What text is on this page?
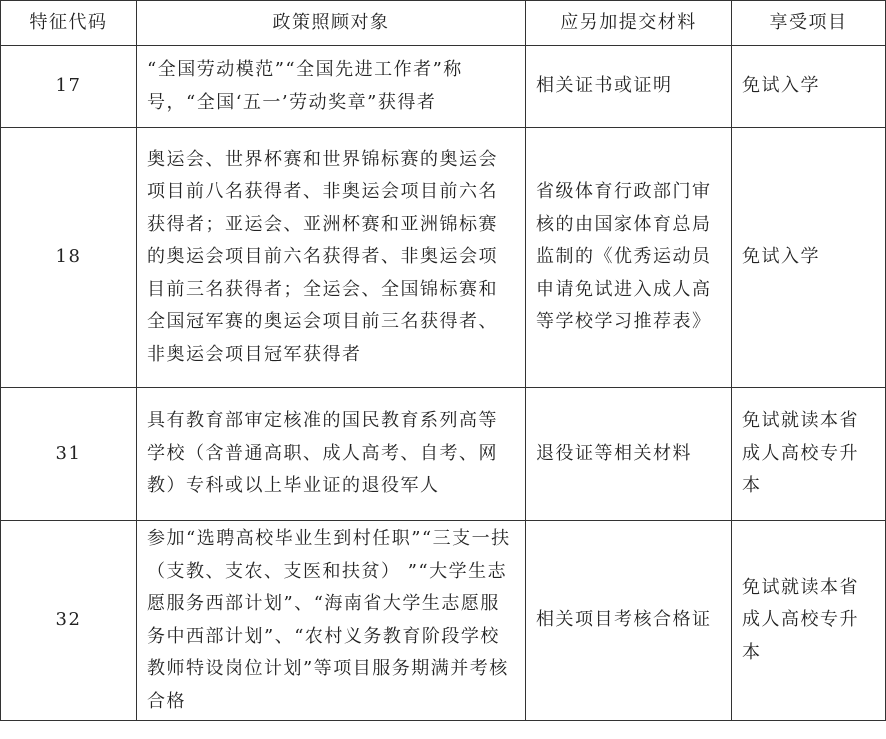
特征代码	政策照顾对象	应另加提交材料	享受项目
17	“全国劳动模范”“全国先进工作者”称号，“全国‘五一’劳动奖章”获得者	相关证书或证明	免试入学
18	奥运会、世界杯赛和世界锦标赛的奥运会项目前八名获得者、非奥运会项目前六名获得者；亚运会、亚洲杯赛和亚洲锦标赛的奥运会项目前六名获得者、非奥运会项目前三名获得者；全运会、全国锦标赛和全国冠军赛的奥运会项目前三名获得者、非奥运会项目冠军获得者	省级体育行政部门审核的由国家体育总局监制的《优秀运动员申请免试进入成人高等学校学习推荐表》	免试入学
31	具有教育部审定核准的国民教育系列高等学校（含普通高职、成人高考、自考、网教）专科或以上毕业证的退役军人	退役证等相关材料	免试就读本省成人高校专升本
32	参加“选聘高校毕业生到村任职”“三支一扶 （支教、支农、支医和扶贫） ”“大学生志愿服务西部计划”、“海南省大学生志愿服务中西部计划”、“农村义务教育阶段学校教师特设岗位计划”等项目服务期满并考核合格	相关项目考核合格证	免试就读本省成人高校专升本
